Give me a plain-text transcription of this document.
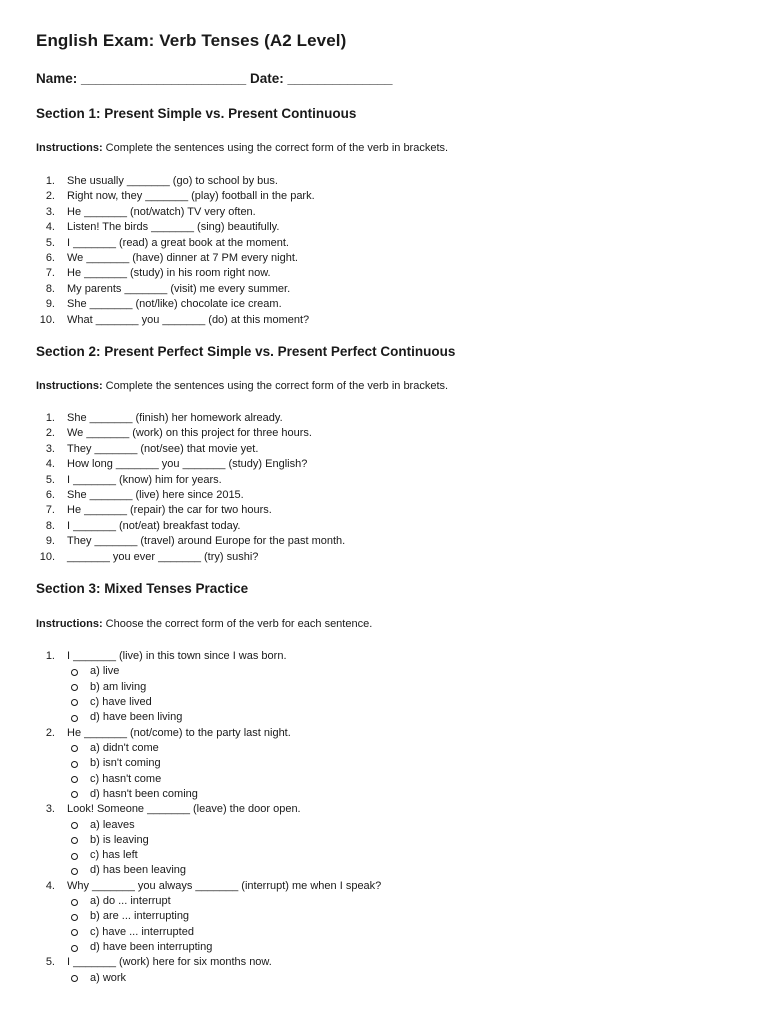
English Exam: Verb Tenses (A2 Level)
Name: ______________________ Date: ______________
Section 1: Present Simple vs. Present Continuous
Instructions: Complete the sentences using the correct form of the verb in brackets.
1. She usually _______ (go) to school by bus.
2. Right now, they _______ (play) football in the park.
3. He _______ (not/watch) TV very often.
4. Listen! The birds _______ (sing) beautifully.
5. I _______ (read) a great book at the moment.
6. We _______ (have) dinner at 7 PM every night.
7. He _______ (study) in his room right now.
8. My parents _______ (visit) me every summer.
9. She _______ (not/like) chocolate ice cream.
10. What _______ you _______ (do) at this moment?
Section 2: Present Perfect Simple vs. Present Perfect Continuous
Instructions: Complete the sentences using the correct form of the verb in brackets.
1. She _______ (finish) her homework already.
2. We _______ (work) on this project for three hours.
3. They _______ (not/see) that movie yet.
4. How long _______ you _______ (study) English?
5. I _______ (know) him for years.
6. She _______ (live) here since 2015.
7. He _______ (repair) the car for two hours.
8. I _______ (not/eat) breakfast today.
9. They _______ (travel) around Europe for the past month.
10. _______ you ever _______ (try) sushi?
Section 3: Mixed Tenses Practice
Instructions: Choose the correct form of the verb for each sentence.
1. I _______ (live) in this town since I was born.
a) live
b) am living
c) have lived
d) have been living
2. He _______ (not/come) to the party last night.
a) didn't come
b) isn't coming
c) hasn't come
d) hasn't been coming
3. Look! Someone _______ (leave) the door open.
a) leaves
b) is leaving
c) has left
d) has been leaving
4. Why _______ you always _______ (interrupt) me when I speak?
a) do ... interrupt
b) are ... interrupting
c) have ... interrupted
d) have been interrupting
5. I _______ (work) here for six months now.
a) work
